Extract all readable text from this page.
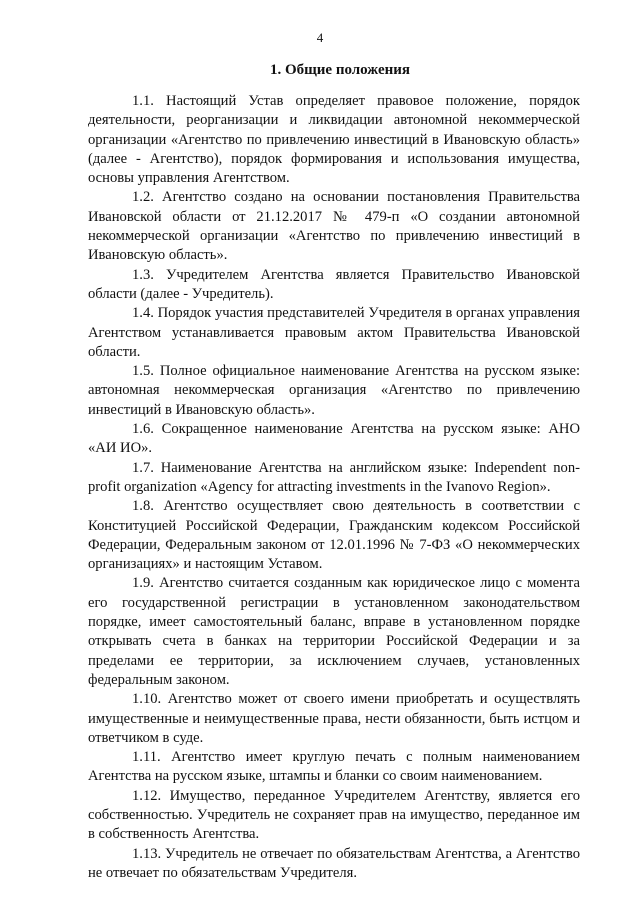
4
1. Общие положения

1.1. Настоящий Устав определяет правовое положение, порядок деятельности, реорганизации и ликвидации автономной некоммерческой организации «Агентство по привлечению инвестиций в Ивановскую область» (далее - Агентство), порядок формирования и использования имущества, основы управления Агентством.

1.2. Агентство создано на основании постановления Правительства Ивановской области от 21.12.2017 № 479-п «О создании автономной некоммерческой организации «Агентство по привлечению инвестиций в Ивановскую область».

1.3. Учредителем Агентства является Правительство Ивановской области (далее - Учредитель).

1.4. Порядок участия представителей Учредителя в органах управления Агентством устанавливается правовым актом Правительства Ивановской области.

1.5. Полное официальное наименование Агентства на русском языке: автономная некоммерческая организация «Агентство по привлечению инвестиций в Ивановскую область».

1.6. Сокращенное наименование Агентства на русском языке: АНО «АИ ИО».

1.7. Наименование Агентства на английском языке: Independent non-profit organization «Agency for attracting investments in the Ivanovo Region».

1.8. Агентство осуществляет свою деятельность в соответствии с Конституцией Российской Федерации, Гражданским кодексом Российской Федерации, Федеральным законом от 12.01.1996 № 7-ФЗ «О некоммерческих организациях» и настоящим Уставом.

1.9. Агентство считается созданным как юридическое лицо с момента его государственной регистрации в установленном законодательством порядке, имеет самостоятельный баланс, вправе в установленном порядке открывать счета в банках на территории Российской Федерации и за пределами ее территории, за исключением случаев, установленных федеральным законом.

1.10. Агентство может от своего имени приобретать и осуществлять имущественные и неимущественные права, нести обязанности, быть истцом и ответчиком в суде.

1.11. Агентство имеет круглую печать с полным наименованием Агентства на русском языке, штампы и бланки со своим наименованием.

1.12. Имущество, переданное Учредителем Агентству, является его собственностью. Учредитель не сохраняет прав на имущество, переданное им в собственность Агентства.

1.13. Учредитель не отвечает по обязательствам Агентства, а Агентство не отвечает по обязательствам Учредителя.
